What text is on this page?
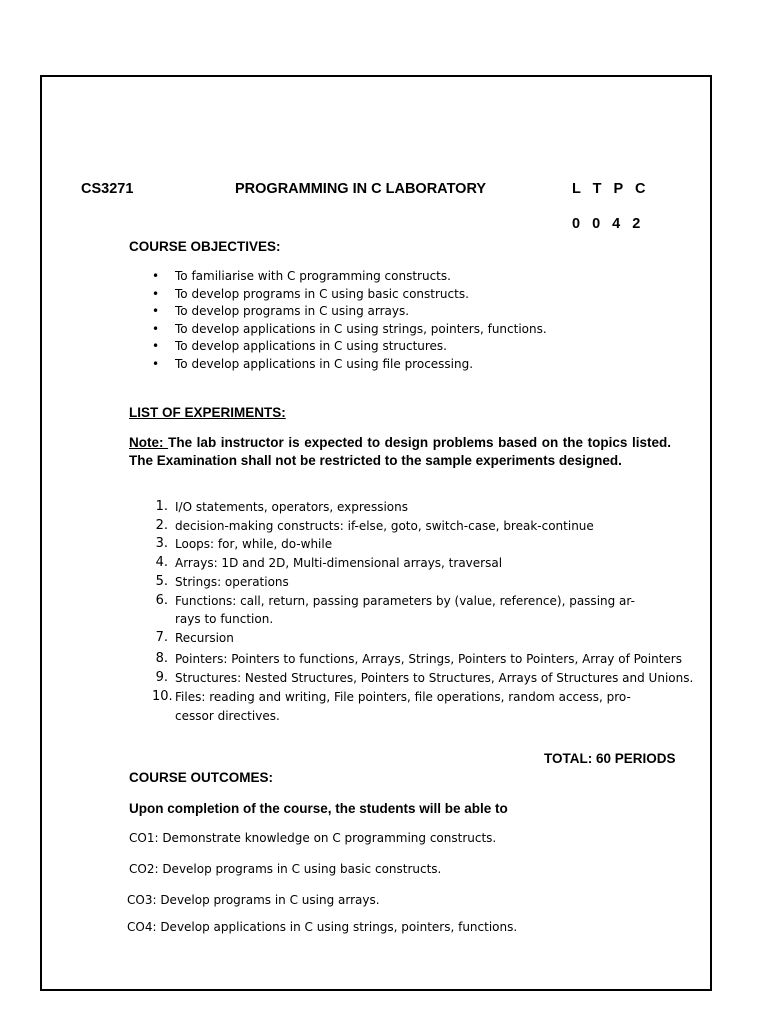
CS3271	PROGRAMMING IN C LABORATORY	L T P C
0 0 4 2
COURSE OBJECTIVES:
• To familiarise with C programming constructs.
• To develop programs in C using basic constructs.
• To develop programs in C using arrays.
• To develop applications in C using strings, pointers, functions.
• To develop applications in C using structures.
• To develop applications in C using file processing.
LIST OF EXPERIMENTS:
Note: The lab instructor is expected to design problems based on the topics listed. The Examination shall not be restricted to the sample experiments designed.
1. I/O statements, operators, expressions
2. decision-making constructs: if-else, goto, switch-case, break-continue
3. Loops: for, while, do-while
4. Arrays: 1D and 2D, Multi-dimensional arrays, traversal
5. Strings: operations
6. Functions: call, return, passing parameters by (value, reference), passing ar-
rays to function.
7. Recursion
8. Pointers: Pointers to functions, Arrays, Strings, Pointers to Pointers, Array of Pointers
9. Structures: Nested Structures, Pointers to Structures, Arrays of Structures and Unions.
10. Files: reading and writing, File pointers, file operations, random access, pro-
cessor directives.
TOTAL: 60 PERIODS
COURSE OUTCOMES:
Upon completion of the course, the students will be able to
CO1: Demonstrate knowledge on C programming constructs.
CO2: Develop programs in C using basic constructs.
CO3: Develop programs in C using arrays.
CO4: Develop applications in C using strings, pointers, functions.
